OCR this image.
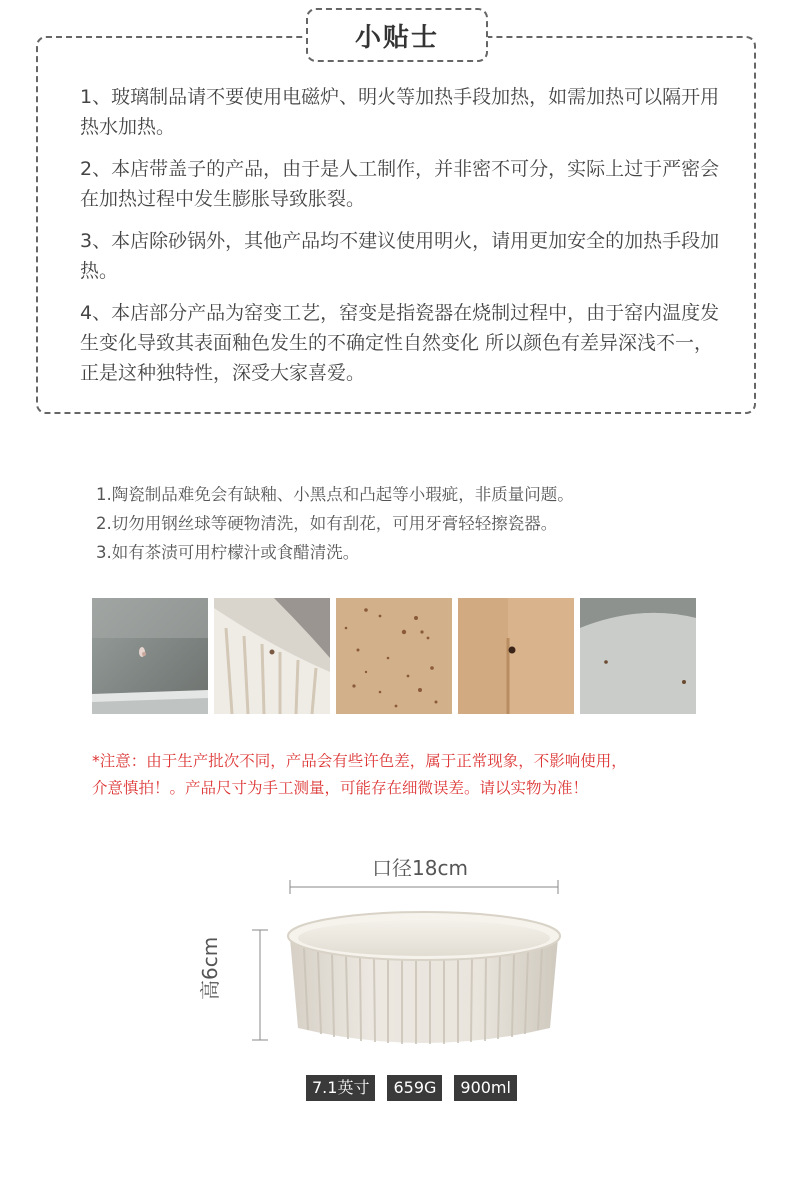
小贴士

1、玻璃制品请不要使用电磁炉、明火等加热手段加热，如需加热可以隔开用热水加热。

2、本店带盖子的产品，由于是人工制作，并非密不可分，实际上过于严密会在加热过程中发生膨胀导致胀裂。

3、本店除砂锅外，其他产品均不建议使用明火，请用更加安全的加热手段加热。

4、本店部分产品为窑变工艺，窑变是指瓷器在烧制过程中，由于窑内温度发生变化导致其表面釉色发生的不确定性自然变化 所以颜色有差异深浅不一，正是这种独特性，深受大家喜爱。

1.陶瓷制品难免会有缺釉、小黑点和凸起等小瑕疵，非质量问题。
2.切勿用钢丝球等硬物清洗，如有刮花，可用牙膏轻轻擦瓷器。
3.如有茶渍可用柠檬汁或食醋清洗。
*注意：由于生产批次不同，产品会有些许色差，属于正常现象，不影响使用，
介意慎拍！。产品尺寸为手工测量，可能存在细微误差。请以实物为准！
口径18cm
高6cm
7.1英寸	659G	900ml
